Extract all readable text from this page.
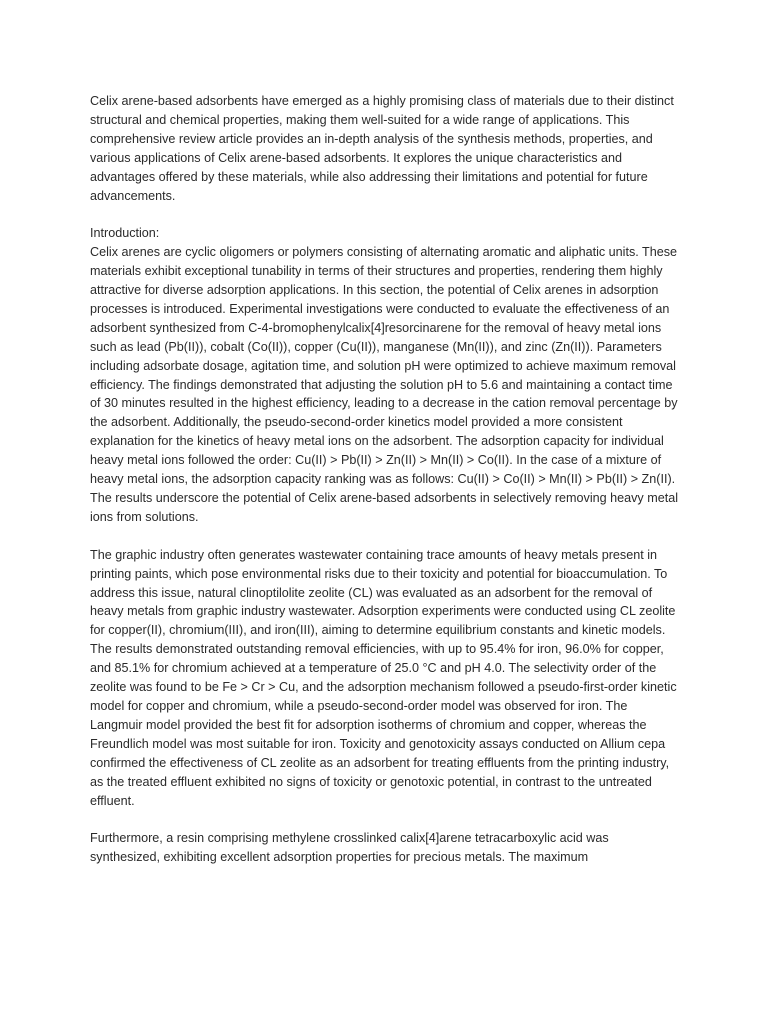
Celix arene-based adsorbents have emerged as a highly promising class of materials due to their distinct structural and chemical properties, making them well-suited for a wide range of applications. This comprehensive review article provides an in-depth analysis of the synthesis methods, properties, and various applications of Celix arene-based adsorbents. It explores the unique characteristics and advantages offered by these materials, while also addressing their limitations and potential for future advancements.

Introduction:

Celix arenes are cyclic oligomers or polymers consisting of alternating aromatic and aliphatic units. These materials exhibit exceptional tunability in terms of their structures and properties, rendering them highly attractive for diverse adsorption applications. In this section, the potential of Celix arenes in adsorption processes is introduced. Experimental investigations were conducted to evaluate the effectiveness of an adsorbent synthesized from C-4-bromophenylcalix[4]resorcinarene for the removal of heavy metal ions such as lead (Pb(II)), cobalt (Co(II)), copper (Cu(II)), manganese (Mn(II)), and zinc (Zn(II)). Parameters including adsorbate dosage, agitation time, and solution pH were optimized to achieve maximum removal efficiency. The findings demonstrated that adjusting the solution pH to 5.6 and maintaining a contact time of 30 minutes resulted in the highest efficiency, leading to a decrease in the cation removal percentage by the adsorbent. Additionally, the pseudo-second-order kinetics model provided a more consistent explanation for the kinetics of heavy metal ions on the adsorbent. The adsorption capacity for individual heavy metal ions followed the order: Cu(II) > Pb(II) > Zn(II) > Mn(II) > Co(II). In the case of a mixture of heavy metal ions, the adsorption capacity ranking was as follows: Cu(II) > Co(II) > Mn(II) > Pb(II) > Zn(II). The results underscore the potential of Celix arene-based adsorbents in selectively removing heavy metal ions from solutions.

The graphic industry often generates wastewater containing trace amounts of heavy metals present in printing paints, which pose environmental risks due to their toxicity and potential for bioaccumulation. To address this issue, natural clinoptilolite zeolite (CL) was evaluated as an adsorbent for the removal of heavy metals from graphic industry wastewater. Adsorption experiments were conducted using CL zeolite for copper(II), chromium(III), and iron(III), aiming to determine equilibrium constants and kinetic models. The results demonstrated outstanding removal efficiencies, with up to 95.4% for iron, 96.0% for copper, and 85.1% for chromium achieved at a temperature of 25.0 °C and pH 4.0. The selectivity order of the zeolite was found to be Fe > Cr > Cu, and the adsorption mechanism followed a pseudo-first-order kinetic model for copper and chromium, while a pseudo-second-order model was observed for iron. The Langmuir model provided the best fit for adsorption isotherms of chromium and copper, whereas the Freundlich model was most suitable for iron. Toxicity and genotoxicity assays conducted on Allium cepa confirmed the effectiveness of CL zeolite as an adsorbent for treating effluents from the printing industry, as the treated effluent exhibited no signs of toxicity or genotoxic potential, in contrast to the untreated effluent.

Furthermore, a resin comprising methylene crosslinked calix[4]arene tetracarboxylic acid was synthesized, exhibiting excellent adsorption properties for precious metals. The maximum
